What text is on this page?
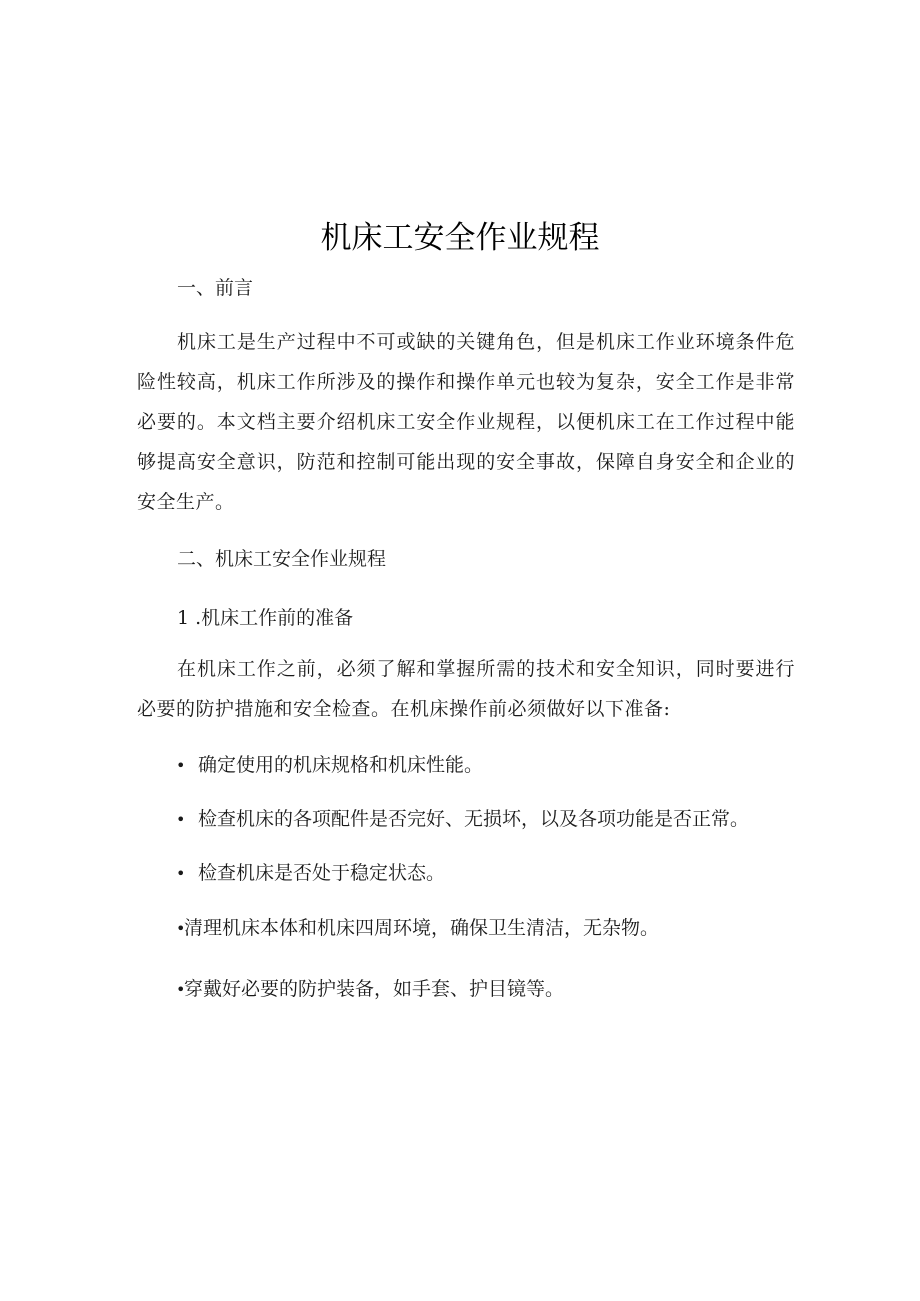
机床工安全作业规程
一、前言
机床工是生产过程中不可或缺的关键角色，但是机床工作业环境条件危
险性较高，机床工作所涉及的操作和操作单元也较为复杂，安全工作是非常
必要的。本文档主要介绍机床工安全作业规程，以便机床工在工作过程中能
够提高安全意识，防范和控制可能出现的安全事故，保障自身安全和企业的
安全生产。
二、机床工安全作业规程
1 .机床工作前的准备
在机床工作之前，必须了解和掌握所需的技术和安全知识，同时要进行
必要的防护措施和安全检查。在机床操作前必须做好以下准备:
• 确定使用的机床规格和机床性能。
• 检查机床的各项配件是否完好、无损坏，以及各项功能是否正常。
• 检查机床是否处于稳定状态。
•清理机床本体和机床四周环境，确保卫生清洁，无杂物。
•穿戴好必要的防护装备，如手套、护目镜等。
